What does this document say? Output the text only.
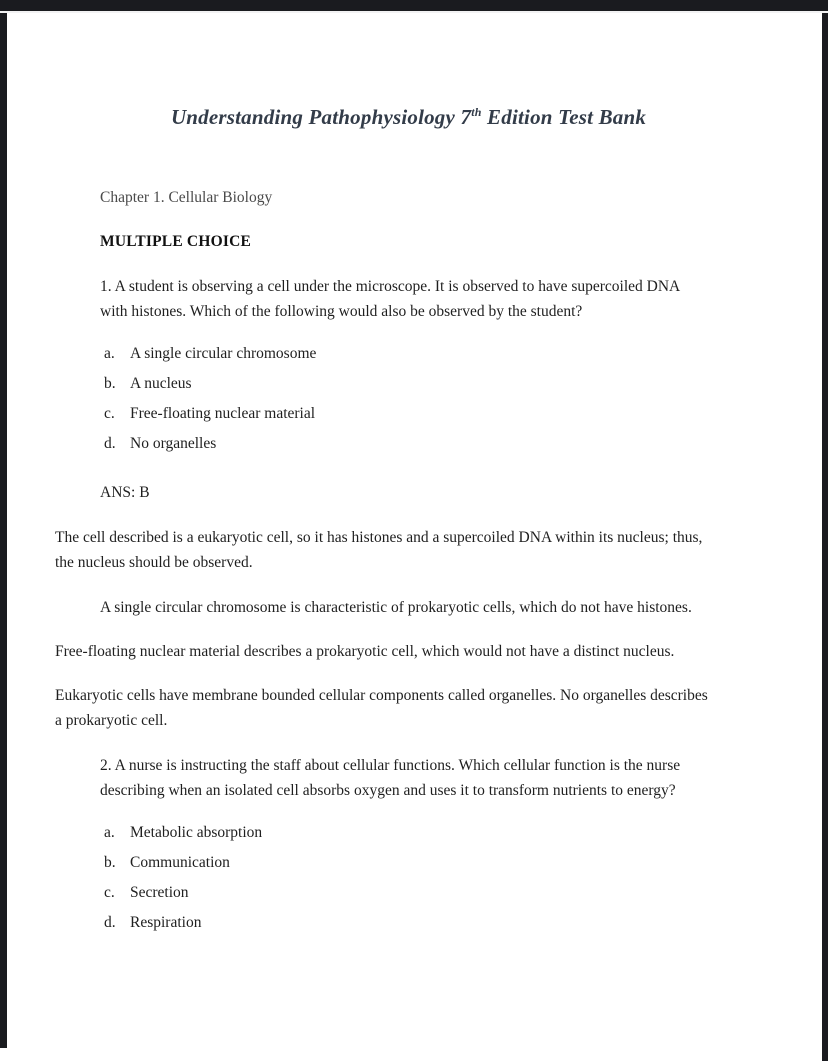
Understanding Pathophysiology 7th Edition Test Bank

Chapter 1. Cellular Biology

MULTIPLE CHOICE

1. A student is observing a cell under the microscope. It is observed to have supercoiled DNA with histones. Which of the following would also be observed by the student?

a. A single circular chromosome
b. A nucleus
c. Free-floating nuclear material
d. No organelles

ANS: B

The cell described is a eukaryotic cell, so it has histones and a supercoiled DNA within its nucleus; thus, the nucleus should be observed.

A single circular chromosome is characteristic of prokaryotic cells, which do not have histones.

Free-floating nuclear material describes a prokaryotic cell, which would not have a distinct nucleus.

Eukaryotic cells have membrane bounded cellular components called organelles. No organelles describes a prokaryotic cell.

2. A nurse is instructing the staff about cellular functions. Which cellular function is the nurse describing when an isolated cell absorbs oxygen and uses it to transform nutrients to energy?

a. Metabolic absorption
b. Communication
c. Secretion
d. Respiration
